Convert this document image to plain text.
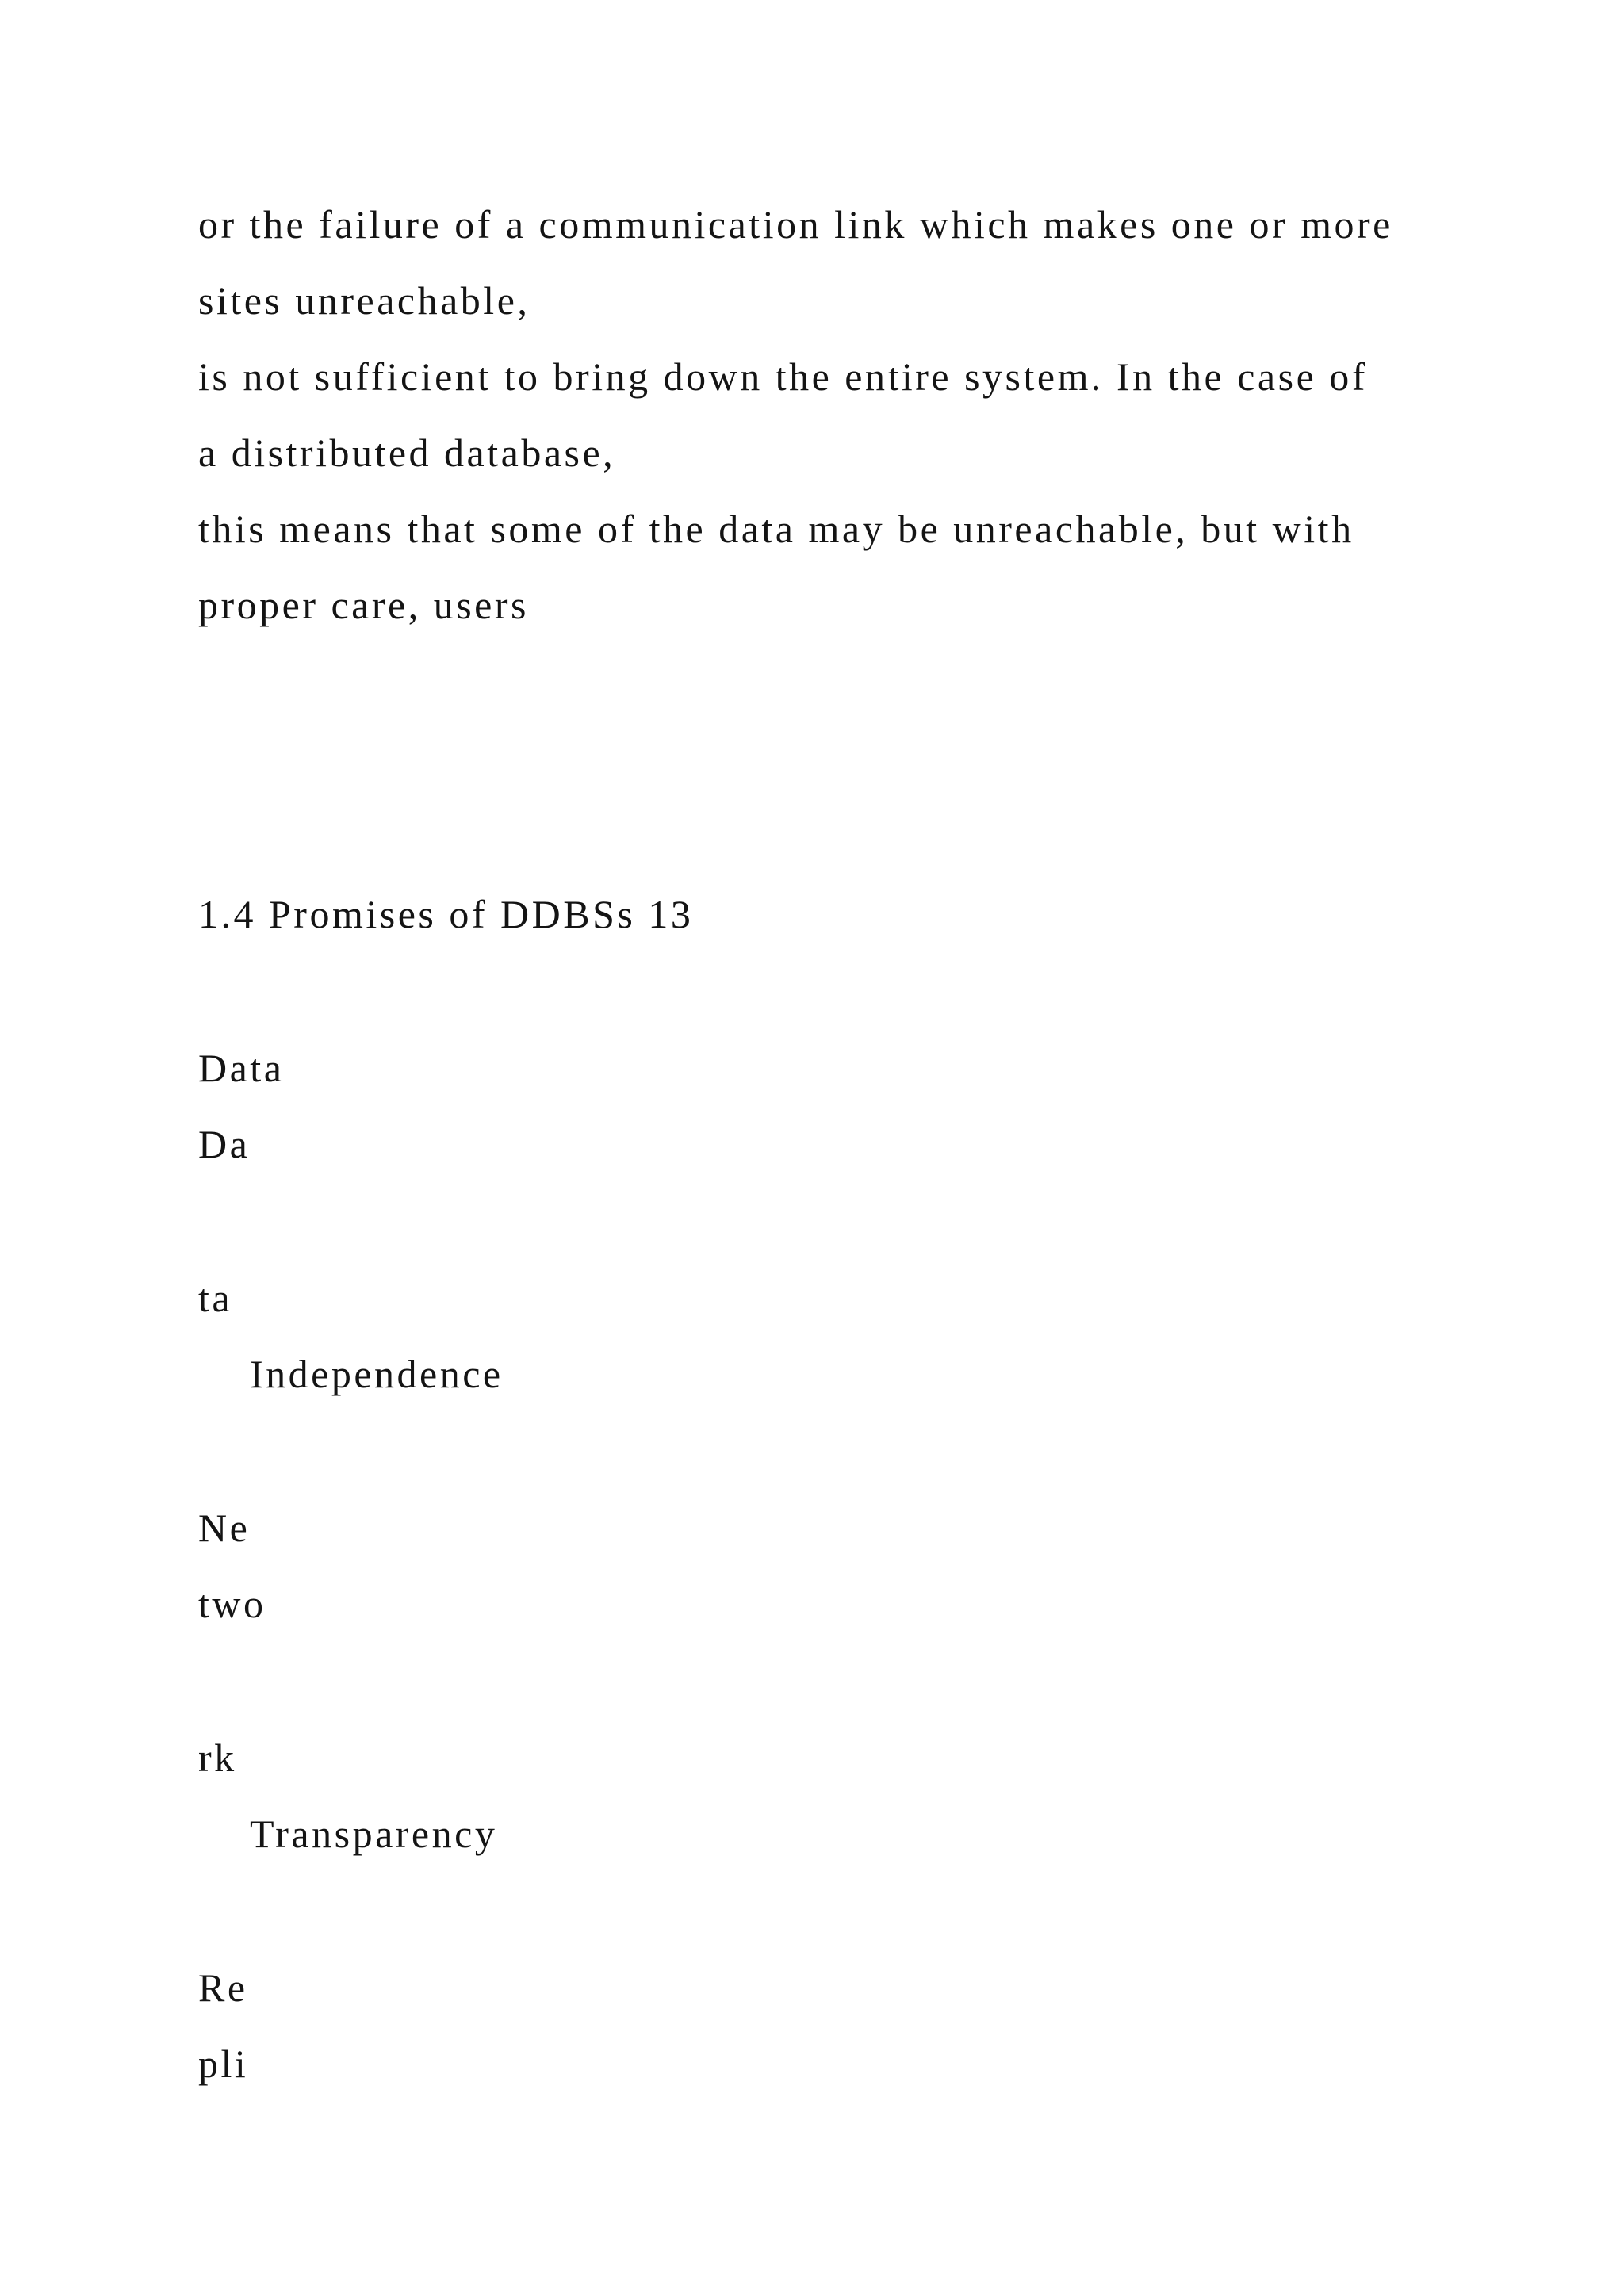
or the failure of a communication link which makes one or more
sites unreachable,
is not sufficient to bring down the entire system. In the case of
a distributed database,
this means that some of the data may be unreachable, but with
proper care, users
1.4 Promises of DDBSs 13
Data
Da
ta
Independence
Ne
two
rk
Transparency
Re
pli
